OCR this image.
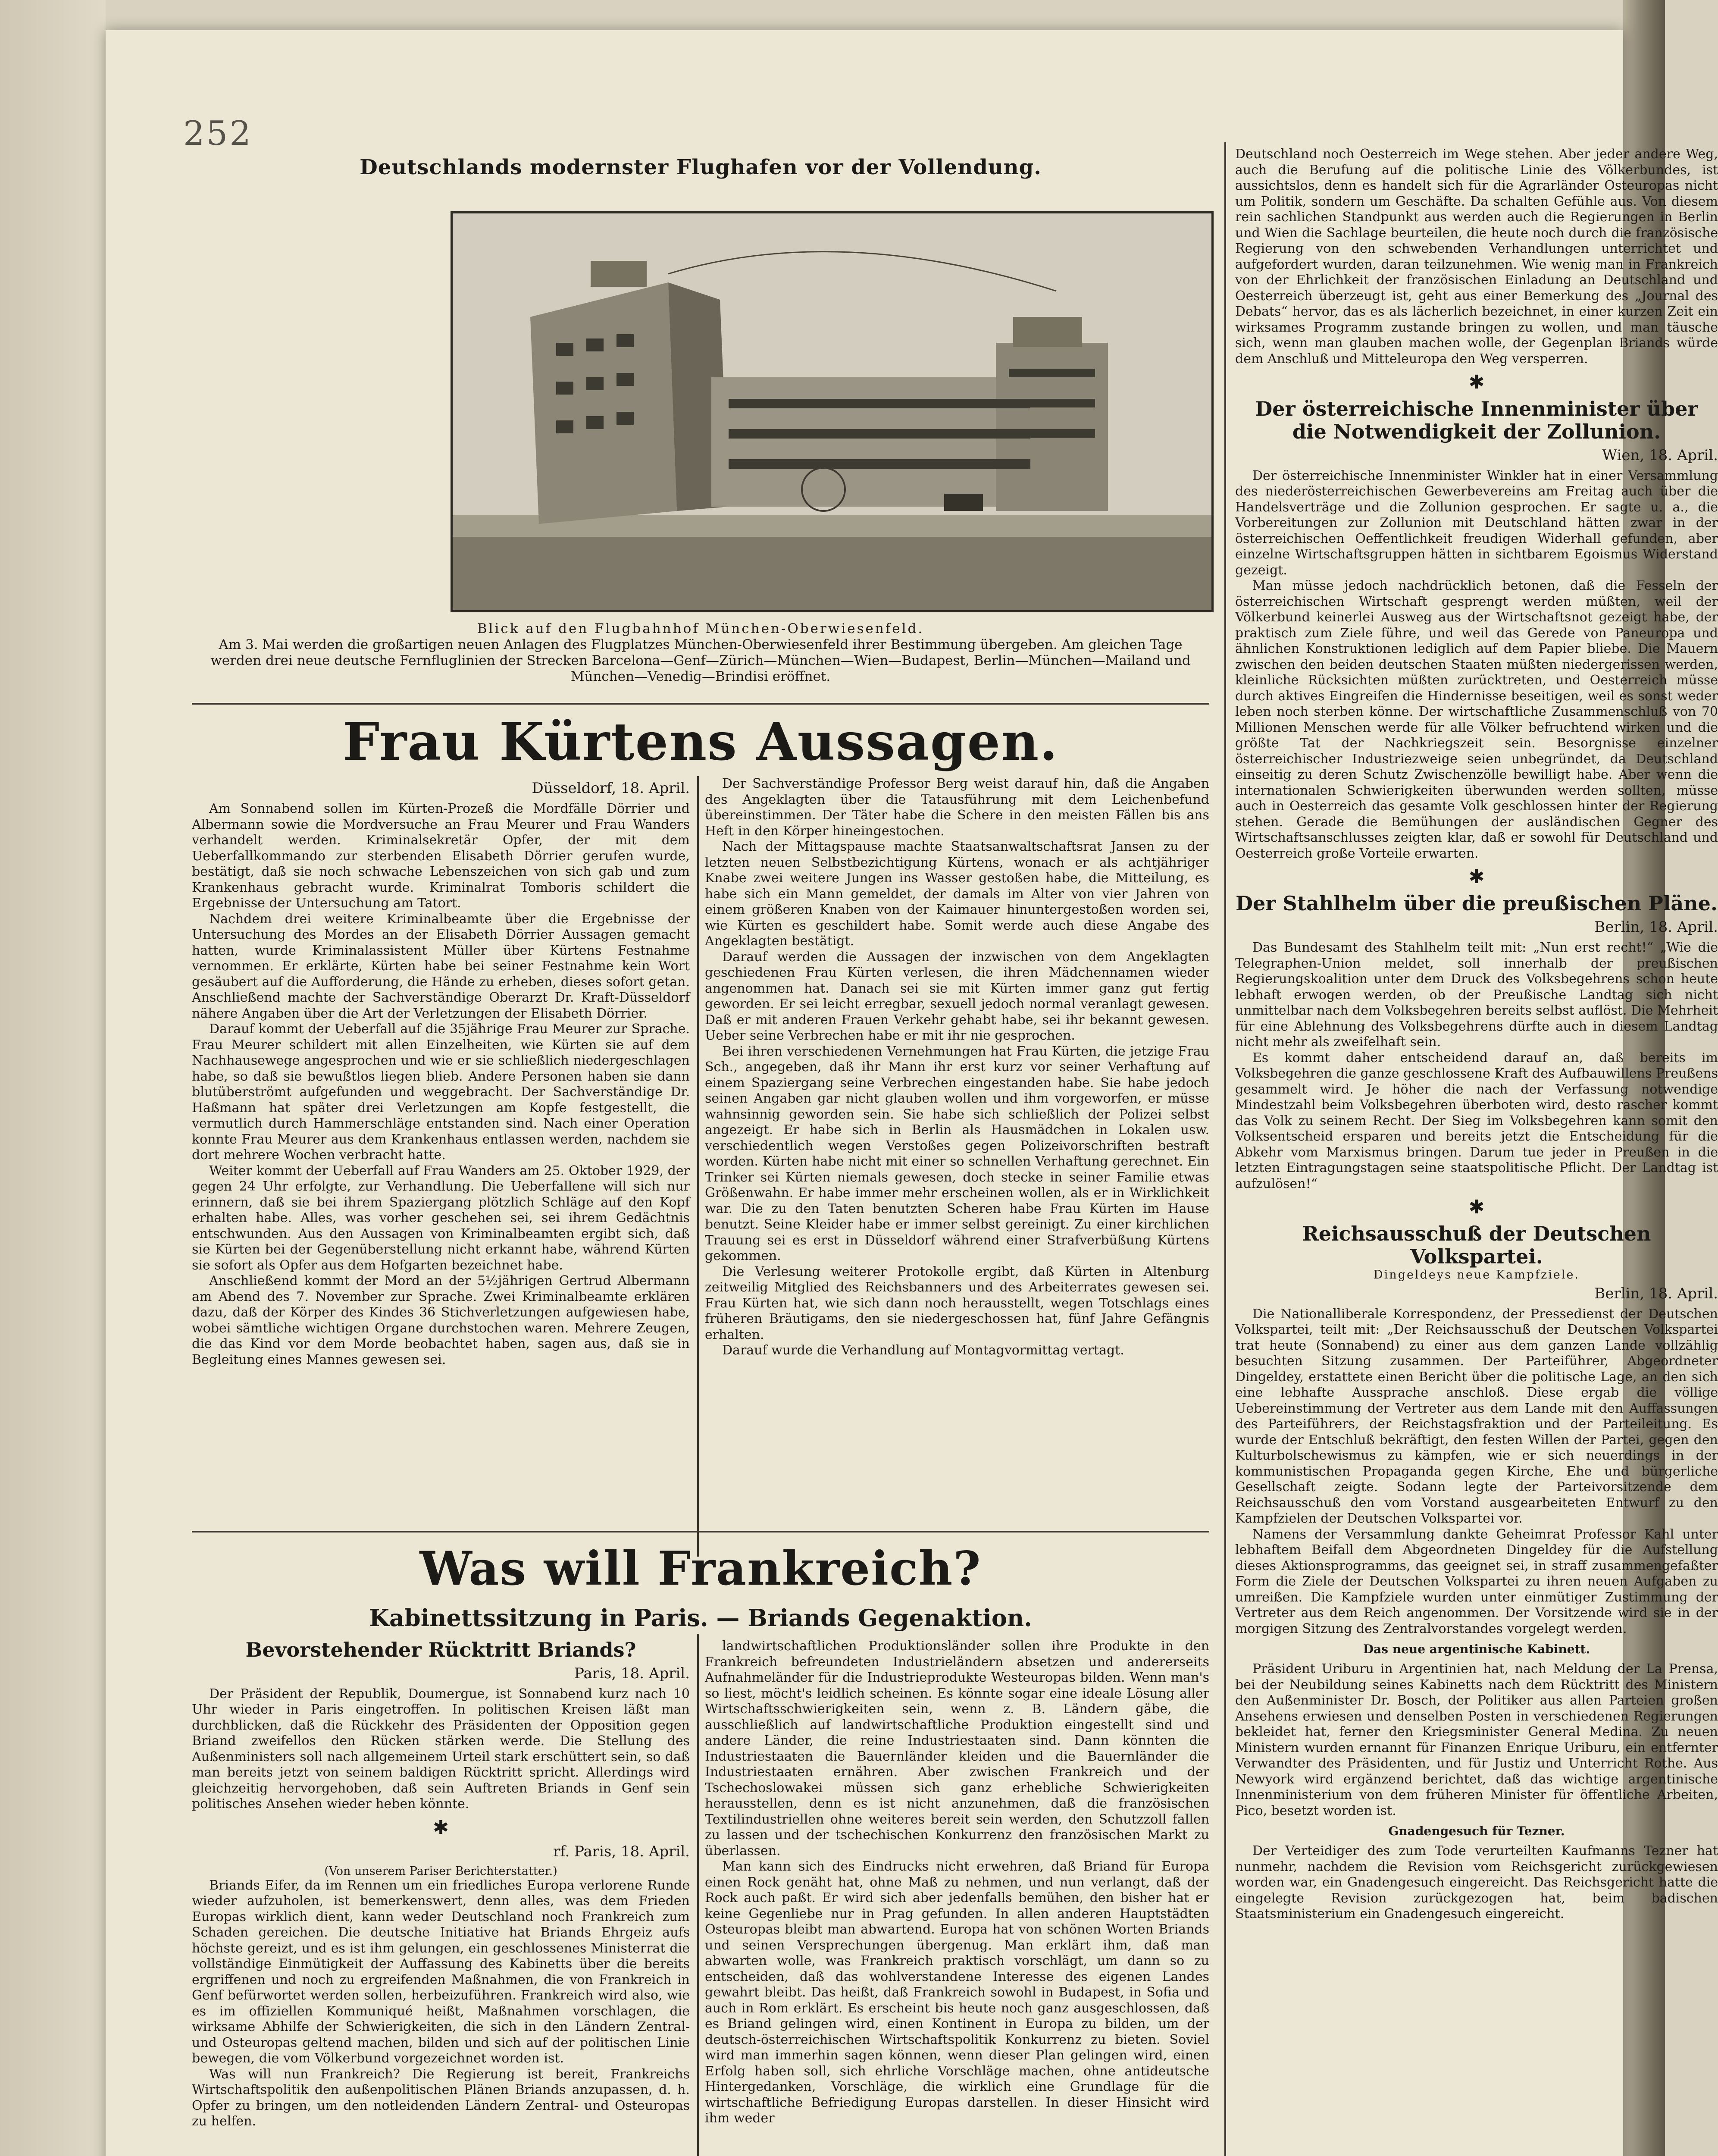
252
Deutschlands modernster Flughafen vor der Vollendung.
Blick auf den Flugbahnhof München-Oberwiesenfeld.
Am 3. Mai werden die großartigen neuen Anlagen des Flugplatzes München-Oberwiesenfeld ihrer Bestimmung übergeben. Am gleichen Tage werden drei neue deutsche Fernfluglinien der Strecken Barcelona—Genf—Zürich—München—Wien—Budapest, Berlin—München—Mailand und München—Venedig—Brindisi eröffnet.
Frau Kürtens Aussagen.
Düsseldorf, 18. April.

Am Sonnabend sollen im Kürten-Prozeß die Mordfälle Dörrier und Albermann sowie die Mordversuche an Frau Meurer und Frau Wanders verhandelt werden. Kriminalsekretär Opfer, der mit dem Ueberfallkommando zur sterbenden Elisabeth Dörrier gerufen wurde, bestätigt, daß sie noch schwache Lebenszeichen von sich gab und zum Krankenhaus gebracht wurde. Kriminalrat Tomboris schildert die Ergebnisse der Untersuchung am Tatort.

Nachdem drei weitere Kriminalbeamte über die Ergebnisse der Untersuchung des Mordes an der Elisabeth Dörrier Aussagen gemacht hatten, wurde Kriminalassistent Müller über Kürtens Festnahme vernommen. Er erklärte, Kürten habe bei seiner Festnahme kein Wort gesäubert auf die Aufforderung, die Hände zu erheben, dieses sofort getan. Anschließend machte der Sachverständige Oberarzt Dr. Kraft-Düsseldorf nähere Angaben über die Art der Verletzungen der Elisabeth Dörrier.

Darauf kommt der Ueberfall auf die 35jährige Frau Meurer zur Sprache. Frau Meurer schildert mit allen Einzelheiten, wie Kürten sie auf dem Nachhausewege angesprochen und wie er sie schließlich niedergeschlagen habe, so daß sie bewußtlos liegen blieb. Andere Personen haben sie dann blutüberströmt aufgefunden und weggebracht. Der Sachverständige Dr. Haßmann hat später drei Verletzungen am Kopfe festgestellt, die vermutlich durch Hammerschläge entstanden sind. Nach einer Operation konnte Frau Meurer aus dem Krankenhaus entlassen werden, nachdem sie dort mehrere Wochen verbracht hatte.

Weiter kommt der Ueberfall auf Frau Wanders am 25. Oktober 1929, der gegen 24 Uhr erfolgte, zur Verhandlung. Die Ueberfallene will sich nur erinnern, daß sie bei ihrem Spaziergang plötzlich Schläge auf den Kopf erhalten habe. Alles, was vorher geschehen sei, sei ihrem Gedächtnis entschwunden. Aus den Aussagen von Kriminalbeamten ergibt sich, daß sie Kürten bei der Gegenüberstellung nicht erkannt habe, während Kürten sie sofort als Opfer aus dem Hofgarten bezeichnet habe.

Anschließend kommt der Mord an der 5½jährigen Gertrud Albermann am Abend des 7. November zur Sprache. Zwei Kriminalbeamte erklären dazu, daß der Körper des Kindes 36 Stichverletzungen aufgewiesen habe, wobei sämtliche wichtigen Organe durchstochen waren. Mehrere Zeugen, die das Kind vor dem Morde beobachtet haben, sagen aus, daß sie in Begleitung eines Mannes gewesen sei.

Der Sachverständige Professor Berg weist darauf hin, daß die Angaben des Angeklagten über die Tatausführung mit dem Leichenbefund übereinstimmen. Der Täter habe die Schere in den meisten Fällen bis ans Heft in den Körper hineingestochen.

Nach der Mittagspause machte Staatsanwaltschaftsrat Jansen zu der letzten neuen Selbstbezichtigung Kürtens, wonach er als achtjähriger Knabe zwei weitere Jungen ins Wasser gestoßen habe, die Mitteilung, es habe sich ein Mann gemeldet, der damals im Alter von vier Jahren von einem größeren Knaben von der Kaimauer hinuntergestoßen worden sei, wie Kürten es geschildert habe. Somit werde auch diese Angabe des Angeklagten bestätigt.

Darauf werden die Aussagen der inzwischen von dem Angeklagten geschiedenen Frau Kürten verlesen, die ihren Mädchennamen wieder angenommen hat. Danach sei sie mit Kürten immer ganz gut fertig geworden. Er sei leicht erregbar, sexuell jedoch normal veranlagt gewesen. Daß er mit anderen Frauen Verkehr gehabt habe, sei ihr bekannt gewesen. Ueber seine Verbrechen habe er mit ihr nie gesprochen.

Bei ihren verschiedenen Vernehmungen hat Frau Kürten, die jetzige Frau Sch., angegeben, daß ihr Mann ihr erst kurz vor seiner Verhaftung auf einem Spaziergang seine Verbrechen eingestanden habe. Sie habe jedoch seinen Angaben gar nicht glauben wollen und ihm vorgeworfen, er müsse wahnsinnig geworden sein. Sie habe sich schließlich der Polizei selbst angezeigt. Er habe sich in Berlin als Hausmädchen in Lokalen usw. verschiedentlich wegen Verstoßes gegen Polizeivorschriften bestraft worden. Kürten habe nicht mit einer so schnellen Verhaftung gerechnet. Ein Trinker sei Kürten niemals gewesen, doch stecke in seiner Familie etwas Größenwahn. Er habe immer mehr erscheinen wollen, als er in Wirklichkeit war. Die zu den Taten benutzten Scheren habe Frau Kürten im Hause benutzt. Seine Kleider habe er immer selbst gereinigt. Zu einer kirchlichen Trauung sei es erst in Düsseldorf während einer Strafverbüßung Kürtens gekommen.

Die Verlesung weiterer Protokolle ergibt, daß Kürten in Altenburg zeitweilig Mitglied des Reichsbanners und des Arbeiterrates gewesen sei. Frau Kürten hat, wie sich dann noch herausstellt, wegen Totschlags eines früheren Bräutigams, den sie niedergeschossen hat, fünf Jahre Gefängnis erhalten.

Darauf wurde die Verhandlung auf Montagvormittag vertagt.

Was will Frankreich?
Kabinettssitzung in Paris. — Briands Gegenaktion.
Bevorstehender Rücktritt Briands?
Paris, 18. April.

Der Präsident der Republik, Doumergue, ist Sonnabend kurz nach 10 Uhr wieder in Paris eingetroffen. In politischen Kreisen läßt man durchblicken, daß die Rückkehr des Präsidenten der Opposition gegen Briand zweifellos den Rücken stärken werde. Die Stellung des Außenministers soll nach allgemeinem Urteil stark erschüttert sein, so daß man bereits jetzt von seinem baldigen Rücktritt spricht. Allerdings wird gleichzeitig hervorgehoben, daß sein Auftreten Briands in Genf sein politisches Ansehen wieder heben könnte.

✱
rf. Paris, 18. April.
(Von unserem Pariser Berichterstatter.)

Briands Eifer, da im Rennen um ein friedliches Europa verlorene Runde wieder aufzuholen, ist bemerkenswert, denn alles, was dem Frieden Europas wirklich dient, kann weder Deutschland noch Frankreich zum Schaden gereichen. Die deutsche Initiative hat Briands Ehrgeiz aufs höchste gereizt, und es ist ihm gelungen, ein geschlossenes Ministerrat die vollständige Einmütigkeit der Auffassung des Kabinetts über die bereits ergriffenen und noch zu ergreifenden Maßnahmen, die von Frankreich in Genf befürwortet werden sollen, herbeizuführen. Frankreich wird also, wie es im offiziellen Kommuniqué heißt, Maßnahmen vorschlagen, die wirksame Abhilfe der Schwierigkeiten, die sich in den Ländern Zentral- und Osteuropas geltend machen, bilden und sich auf der politischen Linie bewegen, die vom Völkerbund vorgezeichnet worden ist.

Was will nun Frankreich? Die Regierung ist bereit, Frankreichs Wirtschaftspolitik den außenpolitischen Plänen Briands anzupassen, d. h. Opfer zu bringen, um den notleidenden Ländern Zentral- und Osteuropas zu helfen.

landwirtschaftlichen Produktionsländer sollen ihre Produkte in den Frankreich befreundeten Industrieländern absetzen und andererseits Aufnahmeländer für die Industrieprodukte Westeuropas bilden. Wenn man's so liest, möcht's leidlich scheinen. Es könnte sogar eine ideale Lösung aller Wirtschaftsschwierigkeiten sein, wenn z. B. Ländern gäbe, die ausschließlich auf landwirtschaftliche Produktion eingestellt sind und andere Länder, die reine Industriestaaten sind. Dann könnten die Industriestaaten die Bauernländer kleiden und die Bauernländer die Industriestaaten ernähren. Aber zwischen Frankreich und der Tschechoslowakei müssen sich ganz erhebliche Schwierigkeiten herausstellen, denn es ist nicht anzunehmen, daß die französischen Textilindustriellen ohne weiteres bereit sein werden, den Schutzzoll fallen zu lassen und der tschechischen Konkurrenz den französischen Markt zu überlassen.

Man kann sich des Eindrucks nicht erwehren, daß Briand für Europa einen Rock genäht hat, ohne Maß zu nehmen, und nun verlangt, daß der Rock auch paßt. Er wird sich aber jedenfalls bemühen, den bisher hat er keine Gegenliebe nur in Prag gefunden. In allen anderen Hauptstädten Osteuropas bleibt man abwartend. Europa hat von schönen Worten Briands und seinen Versprechungen übergenug. Man erklärt ihm, daß man abwarten wolle, was Frankreich praktisch vorschlägt, um dann so zu entscheiden, daß das wohlverstandene Interesse des eigenen Landes gewahrt bleibt. Das heißt, daß Frankreich sowohl in Budapest, in Sofia und auch in Rom erklärt. Es erscheint bis heute noch ganz ausgeschlossen, daß es Briand gelingen wird, einen Kontinent in Europa zu bilden, um der deutsch-österreichischen Wirtschaftspolitik Konkurrenz zu bieten. Soviel wird man immerhin sagen können, wenn dieser Plan gelingen wird, einen Erfolg haben soll, sich ehrliche Vorschläge machen, ohne antideutsche Hintergedanken, Vorschläge, die wirklich eine Grundlage für die wirtschaftliche Befriedigung Europas darstellen. In dieser Hinsicht wird ihm weder

Deutschland noch Oesterreich im Wege stehen. Aber jeder andere Weg, auch die Berufung auf die politische Linie des Völkerbundes, ist aussichtslos, denn es handelt sich für die Agrarländer Osteuropas nicht um Politik, sondern um Geschäfte. Da schalten Gefühle aus. Von diesem rein sachlichen Standpunkt aus werden auch die Regierungen in Berlin und Wien die Sachlage beurteilen, die heute noch durch die französische Regierung von den schwebenden Verhandlungen unterrichtet und aufgefordert wurden, daran teilzunehmen. Wie wenig man in Frankreich von der Ehrlichkeit der französischen Einladung an Deutschland und Oesterreich überzeugt ist, geht aus einer Bemerkung des „Journal des Debats“ hervor, das es als lächerlich bezeichnet, in einer kurzen Zeit ein wirksames Programm zustande bringen zu wollen, und man täusche sich, wenn man glauben machen wolle, der Gegenplan Briands würde dem Anschluß und Mitteleuropa den Weg versperren.

✱
Der österreichische Innenminister über die Notwendigkeit der Zollunion.
Wien, 18. April.

Der österreichische Innenminister Winkler hat in einer Versammlung des niederösterreichischen Gewerbevereins am Freitag auch über die Handelsverträge und die Zollunion gesprochen. Er sagte u. a., die Vorbereitungen zur Zollunion mit Deutschland hätten zwar in der österreichischen Oeffentlichkeit freudigen Widerhall gefunden, aber einzelne Wirtschaftsgruppen hätten in sichtbarem Egoismus Widerstand gezeigt.

Man müsse jedoch nachdrücklich betonen, daß die Fesseln der österreichischen Wirtschaft gesprengt werden müßten, weil der Völkerbund keinerlei Ausweg aus der Wirtschaftsnot gezeigt habe, der praktisch zum Ziele führe, und weil das Gerede von Paneuropa und ähnlichen Konstruktionen lediglich auf dem Papier bliebe. Die Mauern zwischen den beiden deutschen Staaten müßten niedergerissen werden, kleinliche Rücksichten müßten zurücktreten, und Oesterreich müsse durch aktives Eingreifen die Hindernisse beseitigen, weil es sonst weder leben noch sterben könne. Der wirtschaftliche Zusammenschluß von 70 Millionen Menschen werde für alle Völker befruchtend wirken und die größte Tat der Nachkriegszeit sein. Besorgnisse einzelner österreichischer Industriezweige seien unbegründet, da Deutschland einseitig zu deren Schutz Zwischenzölle bewilligt habe. Aber wenn die internationalen Schwierigkeiten überwunden werden sollten, müsse auch in Oesterreich das gesamte Volk geschlossen hinter der Regierung stehen. Gerade die Bemühungen der ausländischen Gegner des Wirtschaftsanschlusses zeigten klar, daß er sowohl für Deutschland und Oesterreich große Vorteile erwarten.

✱
Der Stahlhelm über die preußischen Pläne.
Berlin, 18. April.

Das Bundesamt des Stahlhelm teilt mit: „Nun erst recht!“ „Wie die Telegraphen-Union meldet, soll innerhalb der preußischen Regierungskoalition unter dem Druck des Volksbegehrens schon heute lebhaft erwogen werden, ob der Preußische Landtag sich nicht unmittelbar nach dem Volksbegehren bereits selbst auflöst. Die Mehrheit für eine Ablehnung des Volksbegehrens dürfte auch in diesem Landtag nicht mehr als zweifelhaft sein.

Es kommt daher entscheidend darauf an, daß bereits im Volksbegehren die ganze geschlossene Kraft des Aufbauwillens Preußens gesammelt wird. Je höher die nach der Verfassung notwendige Mindestzahl beim Volksbegehren überboten wird, desto rascher kommt das Volk zu seinem Recht. Der Sieg im Volksbegehren kann somit den Volksentscheid ersparen und bereits jetzt die Entscheidung für die Abkehr vom Marxismus bringen. Darum tue jeder in Preußen in die letzten Eintragungstagen seine staatspolitische Pflicht. Der Landtag ist aufzulösen!“

✱
Reichsausschuß der Deutschen Volkspartei.
Dingeldeys neue Kampfziele.
Berlin, 18. April.

Die Nationalliberale Korrespondenz, der Pressedienst der Deutschen Volkspartei, teilt mit: „Der Reichsausschuß der Deutschen Volkspartei trat heute (Sonnabend) zu einer aus dem ganzen Lande vollzählig besuchten Sitzung zusammen. Der Parteiführer, Abgeordneter Dingeldey, erstattete einen Bericht über die politische Lage, an den sich eine lebhafte Aussprache anschloß. Diese ergab die völlige Uebereinstimmung der Vertreter aus dem Lande mit den Auffassungen des Parteiführers, der Reichstagsfraktion und der Parteileitung. Es wurde der Entschluß bekräftigt, den festen Willen der Partei, gegen den Kulturbolschewismus zu kämpfen, wie er sich neuerdings in der kommunistischen Propaganda gegen Kirche, Ehe und bürgerliche Gesellschaft zeigte. Sodann legte der Parteivorsitzende dem Reichsausschuß den vom Vorstand ausgearbeiteten Entwurf zu den Kampfzielen der Deutschen Volkspartei vor.

Namens der Versammlung dankte Geheimrat Professor Kahl unter lebhaftem Beifall dem Abgeordneten Dingeldey für die Aufstellung dieses Aktionsprogramms, das geeignet sei, in straff zusammengefaßter Form die Ziele der Deutschen Volkspartei zu ihren neuen Aufgaben zu umreißen. Die Kampfziele wurden unter einmütiger Zustimmung der Vertreter aus dem Reich angenommen. Der Vorsitzende wird sie in der morgigen Sitzung des Zentralvorstandes vorgelegt werden.

Das neue argentinische Kabinett.

Präsident Uriburu in Argentinien hat, nach Meldung der La Prensa, bei der Neubildung seines Kabinetts nach dem Rücktritt des Ministern den Außenminister Dr. Bosch, der Politiker aus allen Parteien großen Ansehens erwiesen und denselben Posten in verschiedenen Regierungen bekleidet hat, ferner den Kriegsminister General Medina. Zu neuen Ministern wurden ernannt für Finanzen Enrique Uriburu, ein entfernter Verwandter des Präsidenten, und für Justiz und Unterricht Rothe. Aus Newyork wird ergänzend berichtet, daß das wichtige argentinische Innenministerium von dem früheren Minister für öffentliche Arbeiten, Pico, besetzt worden ist.

Gnadengesuch für Tezner.

Der Verteidiger des zum Tode verurteilten Kaufmanns Tezner hat nunmehr, nachdem die Revision vom Reichsgericht zurückgewiesen worden war, ein Gnadengesuch eingereicht. Das Reichsgericht hatte die eingelegte Revision zurückgezogen hat, beim badischen Staatsministerium ein Gnadengesuch eingereicht.
